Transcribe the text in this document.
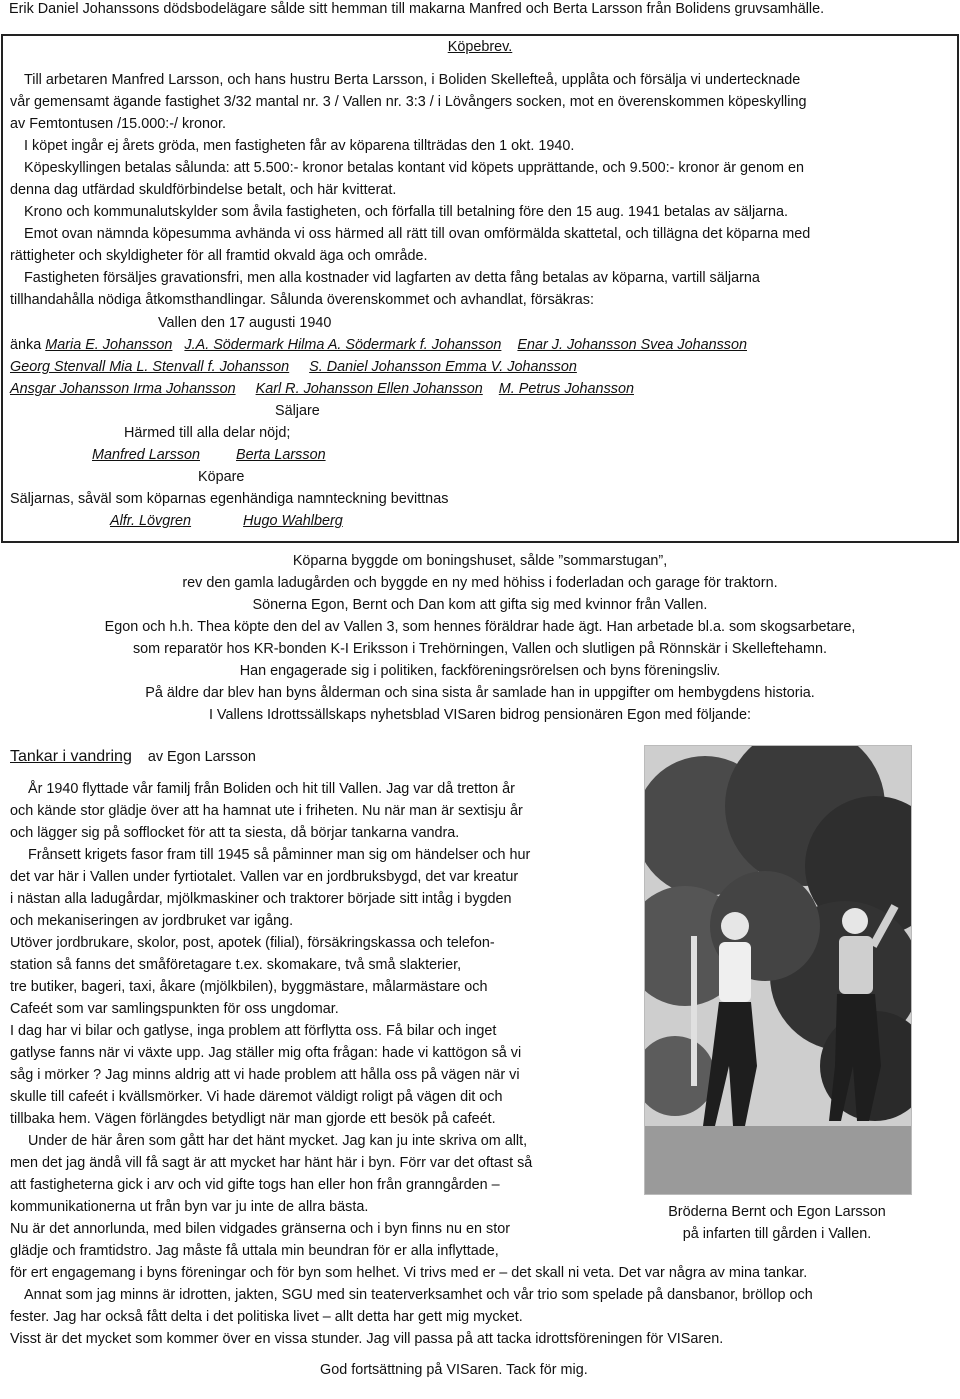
Erik Daniel Johanssons dödsbodelägare sålde sitt hemman till makarna Manfred och Berta Larsson från Bolidens gruvsamhälle.
Köpebrev.
Till arbetaren Manfred Larsson, och hans hustru Berta Larsson, i Boliden Skellefteå, upplåta och försälja vi undertecknade
vår gemensamt ägande fastighet 3/32 mantal nr. 3 / Vallen nr. 3:3 / i Lövångers socken, mot en överenskommen köpeskylling
av Femtontusen /15.000:-/ kronor.
I köpet ingår ej årets gröda, men fastigheten får av köparena tillträdas den 1 okt. 1940.
Köpeskyllingen betalas sålunda: att 5.500:- kronor betalas kontant vid köpets upprättande, och 9.500:- kronor är genom en
denna dag utfärdad skuldförbindelse betalt, och här kvitterat.
Krono och kommunalutskylder som åvila fastigheten, och förfalla till betalning före den 15 aug. 1941 betalas av säljarna.
Emot ovan nämnda köpesumma avhända vi oss härmed all rätt till ovan omförmälda skattetal, och tillägna det köparna med
rättigheter och skyldigheter för all framtid okvald äga och område.
Fastigheten försäljes gravationsfri, men alla kostnader vid lagfarten av detta fång betalas av köparna, vartill säljarna
tillhandahålla nödiga åtkomsthandlingar. Sålunda överenskommet och avhandlat, försäkras:
Vallen den 17 augusti 1940
änka Maria E. Johansson J.A. Södermark Hilma A. Södermark f. Johansson Enar J. Johansson Svea Johansson
Georg Stenvall Mia L. Stenvall f. Johansson S. Daniel Johansson Emma V. Johansson
Ansgar Johansson Irma Johansson Karl R. Johansson Ellen Johansson M. Petrus Johansson
Säljare
Härmed till alla delar nöjd;
Manfred Larsson Berta Larsson
Köpare
Säljarnas, såväl som köparnas egenhändiga namnteckning bevittnas
Alfr. Lövgren	Hugo Wahlberg
Köparna byggde om boningshuset, sålde ”sommarstugan”,
rev den gamla ladugården och byggde en ny med höhiss i foderladan och garage för traktorn.
Sönerna Egon, Bernt och Dan kom att gifta sig med kvinnor från Vallen.
Egon och h.h. Thea köpte den del av Vallen 3, som hennes föräldrar hade ägt. Han arbetade bl.a. som skogsarbetare,
som reparatör hos KR-bonden K-I Eriksson i Trehörningen, Vallen och slutligen på Rönnskär i Skelleftehamn.
Han engagerade sig i politiken, fackföreningsrörelsen och byns föreningsliv.
På äldre dar blev han byns ålderman och sina sista år samlade han in uppgifter om hembygdens historia.
I Vallens Idrottssällskaps nyhetsblad VISaren bidrog pensionären Egon med följande:
Tankar i vandring av Egon Larsson
År 1940 flyttade vår familj från Boliden och hit till Vallen. Jag var då tretton år
och kände stor glädje över att ha hamnat ute i friheten. Nu när man är sextisju år
och lägger sig på sofflocket för att ta siesta, då börjar tankarna vandra.
Frånsett krigets fasor fram till 1945 så påminner man sig om händelser och hur
det var här i Vallen under fyrtiotalet. Vallen var en jordbruksbygd, det var kreatur
i nästan alla ladugårdar, mjölkmaskiner och traktorer började sitt intåg i bygden
och mekaniseringen av jordbruket var igång.
Utöver jordbrukare, skolor, post, apotek (filial), försäkringskassa och telefon-
station så fanns det småföretagare t.ex. skomakare, två små slakterier,
tre butiker, bageri, taxi, åkare (mjölkbilen), byggmästare, målarmästare och
Cafeét som var samlingspunkten för oss ungdomar.
I dag har vi bilar och gatlyse, inga problem att förflytta oss. Få bilar och inget
gatlyse fanns när vi växte upp. Jag ställer mig ofta frågan: hade vi kattögon så vi
såg i mörker ? Jag minns aldrig att vi hade problem att hålla oss på vägen när vi
skulle till cafeét i kvällsmörker. Vi hade däremot väldigt roligt på vägen dit och
tillbaka hem. Vägen förlängdes betydligt när man gjorde ett besök på cafeét.
Under de här åren som gått har det hänt mycket. Jag kan ju inte skriva om allt,
men det jag ändå vill få sagt är att mycket har hänt här i byn. Förr var det oftast så
att fastigheterna gick i arv och vid gifte togs han eller hon från granngården –
kommunikationerna ut från byn var ju inte de allra bästa.
Nu är det annorlunda, med bilen vidgades gränserna och i byn finns nu en stor
glädje och framtidstro. Jag måste få uttala min beundran för er alla inflyttade,
för ert engagemang i byns föreningar och för byn som helhet. Vi trivs med er – det skall ni veta. Det var några av mina tankar.
Annat som jag minns är idrotten, jakten, SGU med sin teaterverksamhet och vår trio som spelade på dansbanor, bröllop och
fester. Jag har också fått delta i det politiska livet – allt detta har gett mig mycket.
Visst är det mycket som kommer över en vissa stunder. Jag vill passa på att tacka idrottsföreningen för VISaren.
God fortsättning på VISaren. Tack för mig.
Bröderna Bernt och Egon Larsson
på infarten till gården i Vallen.
